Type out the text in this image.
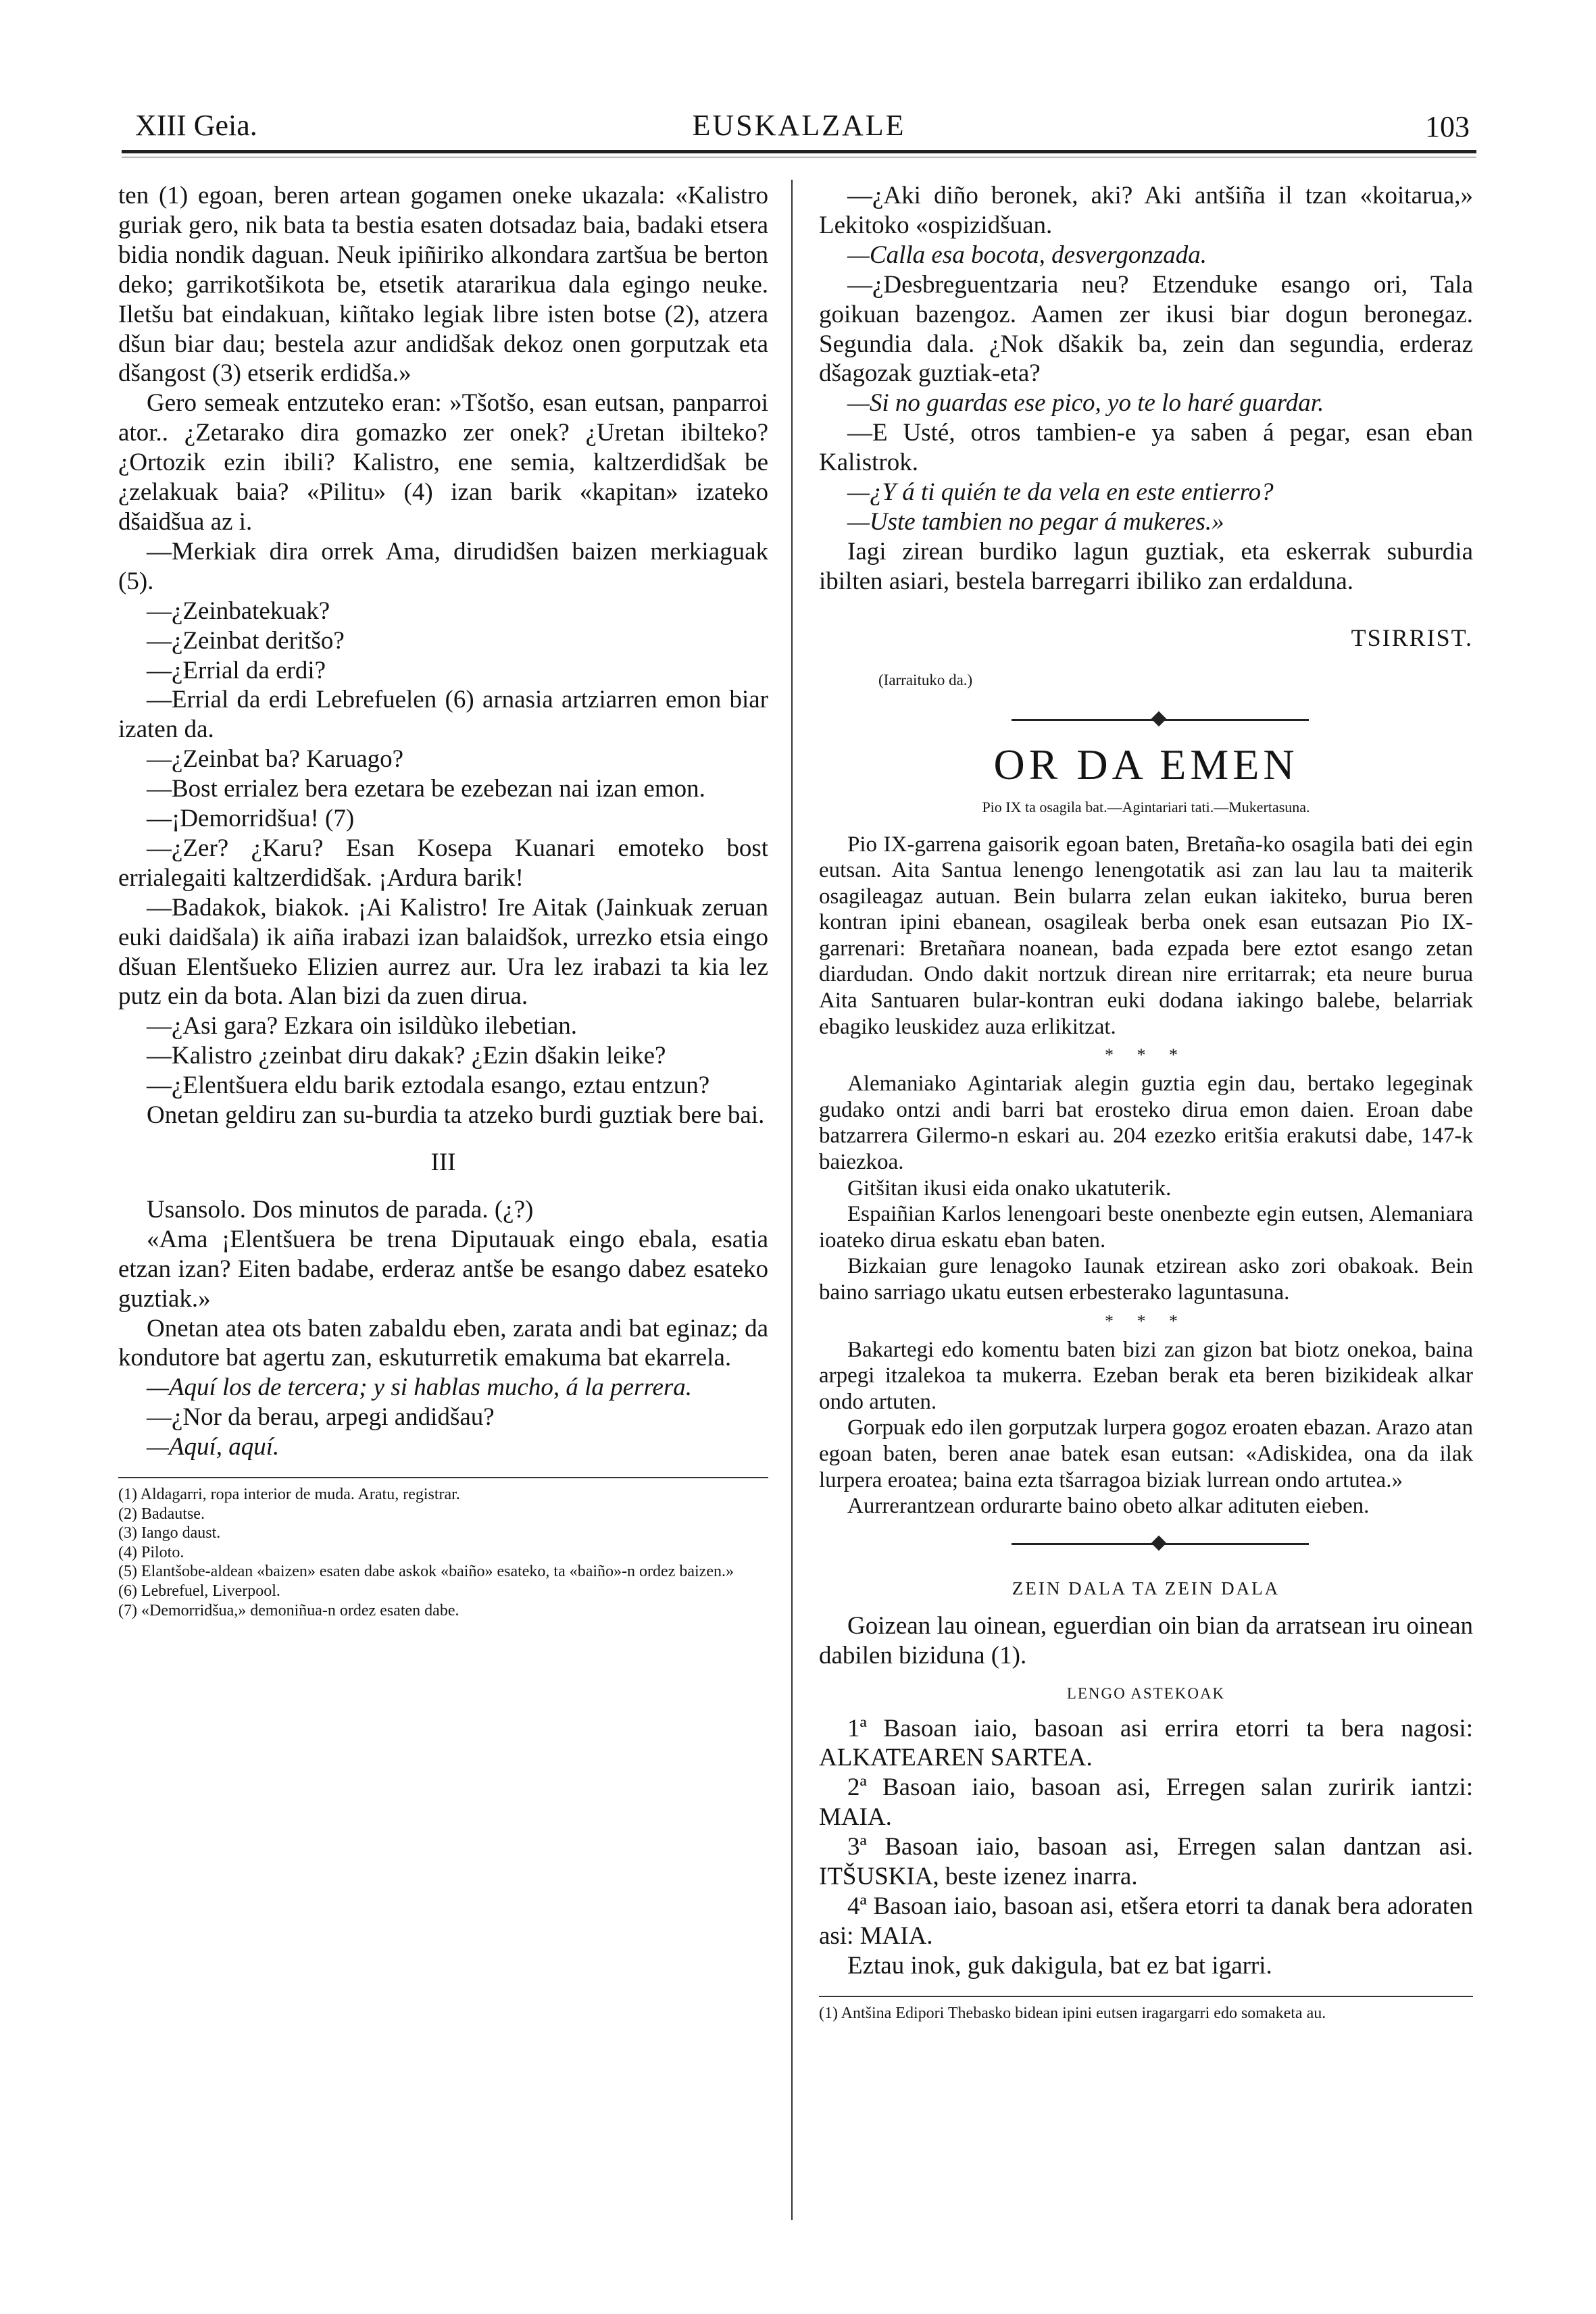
XIII Geia.	EUSKALZALE	103

ten (1) egoan, beren artean gogamen oneke ukazala: «Kalistro guriak gero, nik bata ta bestia esaten dotsadaz baia, badaki etsera bidia nondik daguan. Neuk ipiñiriko alkondara zartšua be berton deko; garrikotšikota be, etsetik atararikua dala egingo neuke. Iletšu bat eindakuan, kiñtako legiak libre isten botse (2), atzera dšun biar dau; bestela azur andidšak dekoz onen gorputzak eta dšangost (3) etserik erdidša.»

Gero semeak entzuteko eran: »Tšotšo, esan eutsan, panparroi ator.. ¿Zetarako dira gomazko zer onek? ¿Uretan ibilteko? ¿Ortozik ezin ibili? Kalistro, ene semia, kaltzerdidšak be ¿zelakuak baia? «Pilitu» (4) izan barik «kapitan» izateko dšaidšua az i.

—Merkiak dira orrek Ama, dirudidšen baizen merkiaguak (5).

—¿Zeinbatekuak?

—¿Zeinbat deritšo?

—¿Errial da erdi?

—Errial da erdi Lebrefuelen (6) arnasia artziarren emon biar izaten da.

—¿Zeinbat ba? Karuago?

—Bost errialez bera ezetara be ezebezan nai izan emon.

—¡Demorridšua! (7)

—¿Zer? ¿Karu? Esan Kosepa Kuanari emoteko bost errialegaiti kaltzerdidšak. ¡Ardura barik!

—Badakok, biakok. ¡Ai Kalistro! Ire Aitak (Jainkuak zeruan euki daidšala) ik aiña irabazi izan balaidšok, urrezko etsia eingo dšuan Elentšueko Elizien aurrez aur. Ura lez irabazi ta kia lez putz ein da bota. Alan bizi da zuen dirua.

—¿Asi gara? Ezkara oin isildùko ilebetian.

—Kalistro ¿zeinbat diru dakak? ¿Ezin dšakin leike?

—¿Elentšuera eldu barik eztodala esango, eztau entzun?

Onetan geldiru zan su-burdia ta atzeko burdi guztiak bere bai.

III

Usansolo. Dos minutos de parada. (¿?)

«Ama ¡Elentšuera be trena Diputauak eingo ebala, esatia etzan izan? Eiten badabe, erderaz antše be esango dabez esateko guztiak.»

Onetan atea ots baten zabaldu eben, zarata andi bat eginaz; da kondutore bat agertu zan, eskuturretik emakuma bat ekarrela.

—Aquí los de tercera; y si hablas mucho, á la perrera.

—¿Nor da berau, arpegi andidšau?

—Aquí, aquí.

(1) Aldagarri, ropa interior de muda. Aratu, registrar.

(2) Badautse.

(3) Iango daust.

(4) Piloto.

(5) Elantšobe-aldean «baizen» esaten dabe askok «baiño» esateko, ta «baiño»-n ordez baizen.»

(6) Lebrefuel, Liverpool.

(7) «Demorridšua,» demoniñua-n ordez esaten dabe.

—¿Aki diño beronek, aki? Aki antšiña il tzan «koitarua,» Lekitoko «ospizidšuan.

—Calla esa bocota, desvergonzada.

—¿Desbreguentzaria neu? Etzenduke esango ori, Tala goikuan bazengoz. Aamen zer ikusi biar dogun beronegaz. Segundia dala. ¿Nok dšakik ba, zein dan segundia, erderaz dšagozak guztiak-eta?

—Si no guardas ese pico, yo te lo haré guardar.

—E Usté, otros tambien-e ya saben á pegar, esan eban Kalistrok.

—¿Y á ti quién te da vela en este entierro?

—Uste tambien no pegar á mukeres.»

Iagi zirean burdiko lagun guztiak, eta eskerrak suburdia ibilten asiari, bestela barregarri ibiliko zan erdalduna.

TSIRRIST.

(Iarraituko da.)

OR DA EMEN

Pio IX ta osagila bat.—Agintariari tati.—Mukertasuna.

Pio IX-garrena gaisorik egoan baten, Bretaña-ko osagila bati dei egin eutsan. Aita Santua lenengo lenengotatik asi zan lau lau ta maiterik osagileagaz autuan. Bein bularra zelan eukan iakiteko, burua beren kontran ipini ebanean, osagileak berba onek esan eutsazan Pio IX-garrenari: Bretañara noanean, bada ezpada bere eztot esango zetan diardudan. Ondo dakit nortzuk direan nire erritarrak; eta neure burua Aita Santuaren bular-kontran euki dodana iakingo balebe, belarriak ebagiko leuskidez auza erlikitzat.

* * *

Alemaniako Agintariak alegin guztia egin dau, bertako legeginak gudako ontzi andi barri bat erosteko dirua emon daien. Eroan dabe batzarrera Gilermo-n eskari au. 204 ezezko eritšia erakutsi dabe, 147-k baiezkoa.

Gitšitan ikusi eida onako ukatuterik.

Espaiñian Karlos lenengoari beste onenbezte egin eutsen, Alemaniara ioateko dirua eskatu eban baten.

Bizkaian gure lenagoko Iaunak etzirean asko zori obakoak. Bein baino sarriago ukatu eutsen erbesterako laguntasuna.

* * *

Bakartegi edo komentu baten bizi zan gizon bat biotz onekoa, baina arpegi itzalekoa ta mukerra. Ezeban berak eta beren bizikideak alkar ondo artuten.

Gorpuak edo ilen gorputzak lurpera gogoz eroaten ebazan. Arazo atan egoan baten, beren anae batek esan eutsan: «Adiskidea, ona da ilak lurpera eroatea; baina ezta tšarragoa biziak lurrean ondo artutea.»

Aurrerantzean ordurarte baino obeto alkar adituten eieben.

ZEIN DALA TA ZEIN DALA

Goizean lau oinean, eguerdian oin bian da arratsean iru oinean dabilen biziduna (1).

LENGO ASTEKOAK

1ª Basoan iaio, basoan asi errira etorri ta bera nagosi: ALKATEAREN SARTEA.

2ª Basoan iaio, basoan asi, Erregen salan zuririk iantzi: MAIA.

3ª Basoan iaio, basoan asi, Erregen salan dantzan asi. ITŠUSKIA, beste izenez inarra.

4ª Basoan iaio, basoan asi, etšera etorri ta danak bera adoraten asi: MAIA.

Eztau inok, guk dakigula, bat ez bat igarri.

(1) Antšina Edipori Thebasko bidean ipini eutsen iragargarri edo somaketa au.
